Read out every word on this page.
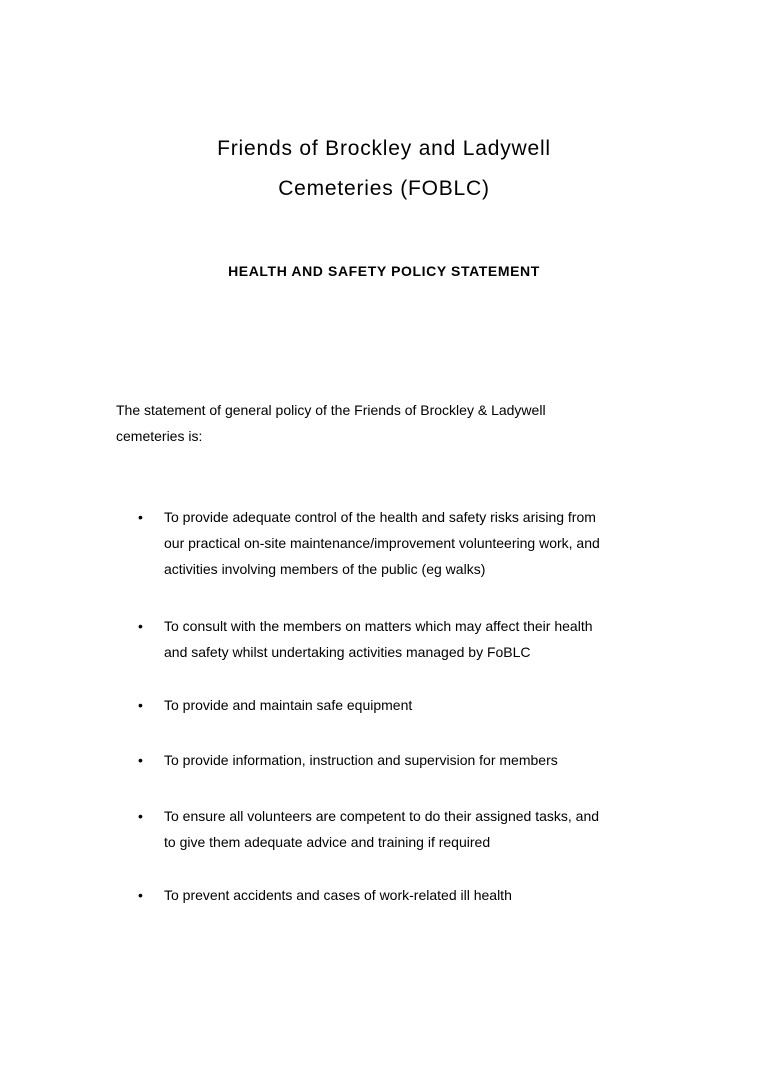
Friends of Brockley and Ladywell
Cemeteries (FOBLC)
HEALTH AND SAFETY POLICY STATEMENT

The statement of general policy of the Friends of Brockley & Ladywell
cemeteries is:

• To provide adequate control of the health and safety risks arising from
our practical on-site maintenance/improvement volunteering work, and
activities involving members of the public (eg walks)
• To consult with the members on matters which may affect their health
and safety whilst undertaking activities managed by FoBLC
• To provide and maintain safe equipment
• To provide information, instruction and supervision for members
• To ensure all volunteers are competent to do their assigned tasks, and
to give them adequate advice and training if required
• To prevent accidents and cases of work-related ill health
